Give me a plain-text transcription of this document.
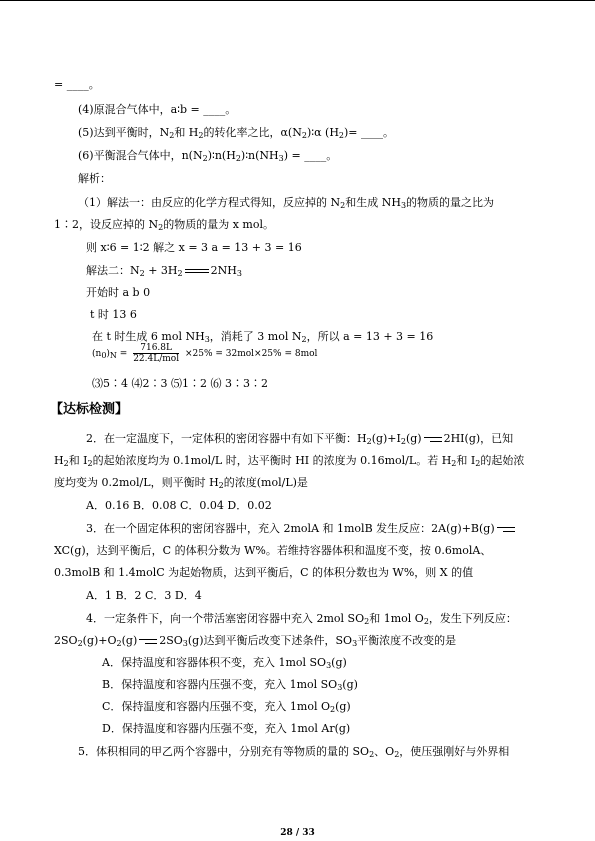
= ____。
(4)原混合气体中，a∶b = ____。
(5)达到平衡时，$N_2$和 $H_2$的转化率之比，$\alpha(N_2)∶\alpha$ $(H_2)=$ ____。
(6)平衡混合气体中，$n(N_2)∶n(H_2)∶n(NH_3)$ = ____。
解析：
（1）解法一：由反应的化学方程式得知，反应掉的 $N_2$和生成 $NH_3$的物质的量之比为
1∶2，设反应掉的 $N_2$的物质的量为 x mol。
则 x∶6 = 1∶2 解之 x = 3 a = 13 + 3 = 16
解法二：$N_2 + 3H_2$	$2NH_3$
开始时 a b 0
t 时 13 6
在 t 时生成 6 mol $NH_3$，消耗了 3 mol $N_2$，所以 a = 13 + 3 = 16
$(n_0)_N = \frac{716.8L}{\text{22.4L/mol}} \times 25\% = 32mol\times 25\% = 8mol$
⑶5∶4 ⑷2∶3 ⑸1∶2 ⑹ 3∶3∶2
【达标检测】
2．在一定温度下，一定体积的密闭容器中有如下平衡：$H_2(g)+I_2(g)$ 2HI(g)，已知
$H_2$和 $I_2$的起始浓度均为 0.1mol/L 时，达平衡时 HI 的浓度为 0.16mol/L。若 $H_2$和 $I_2$的起始浓
度均变为 0.2mol/L，则平衡时 $H_2$的浓度(mol/L)是
A．0.16 B．0.08 C．0.04 D．0.02
3．在一个固定体积的密闭容器中，充入 2molA 和 1molB 发生反应：2A(g)+B(g)
XC(g)，达到平衡后，C 的体积分数为 W%。若维持容器体积和温度不变，按 0.6molA、
0.3molB 和 1.4molC 为起始物质，达到平衡后，C 的体积分数也为 W%，则 X 的值
A．1 B．2 C．3 D．4
4．一定条件下，向一个带活塞密闭容器中充入 2mol $SO_2$和 1mol $O_2$，发生下列反应：
$2SO_2(g)+O_2(g)$ $2SO_3(g)$达到平衡后改变下述条件，$SO_3$平衡浓度不改变的是
A．保持温度和容器体积不变，充入 1mol $SO_3(g)$
B．保持温度和容器内压强不变，充入 1mol $SO_3(g)$
C．保持温度和容器内压强不变，充入 1mol $O_2(g)$
D．保持温度和容器内压强不变，充入 1mol Ar(g)
5．体积相同的甲乙两个容器中，分别充有等物质的量的 $SO_2$、$O_2$，使压强刚好与外界相
28 / 33
